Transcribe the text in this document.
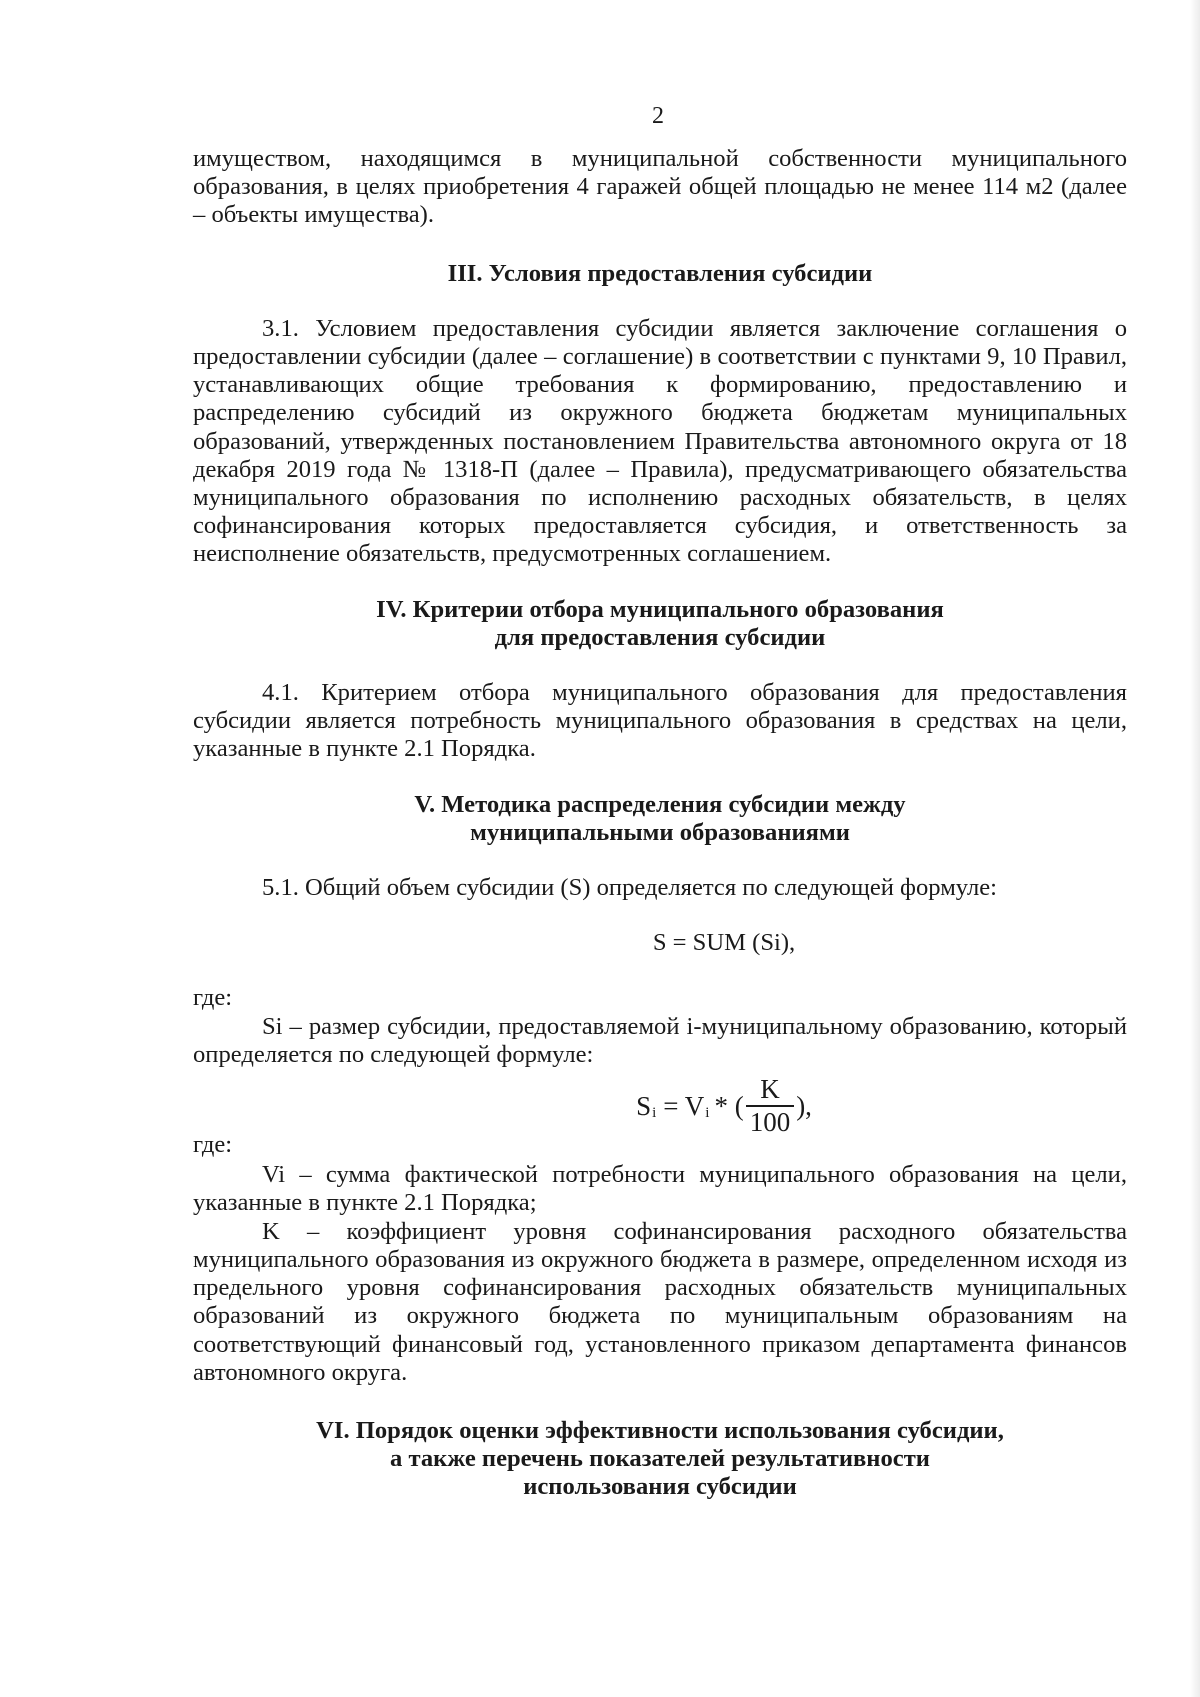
2

имуществом, находящимся в муниципальной собственности муниципального образования, в целях приобретения 4 гаражей общей площадью не менее 114 м2 (далее – объекты имущества).

III. Условия предоставления субсидии

3.1. Условием предоставления субсидии является заключение соглашения о предоставлении субсидии (далее – соглашение) в соответствии с пунктами 9, 10 Правил, устанавливающих общие требования к формированию, предоставлению и распределению субсидий из окружного бюджета бюджетам муниципальных образований, утвержденных постановлением Правительства автономного округа от 18 декабря 2019 года № 1318-П (далее – Правила), предусматривающего обязательства муниципального образования по исполнению расходных обязательств, в целях софинансирования которых предоставляется субсидия, и ответственность за неисполнение обязательств, предусмотренных соглашением.

IV. Критерии отбора муниципального образования
для предоставления субсидии

4.1. Критерием отбора муниципального образования для предоставления субсидии является потребность муниципального образования в средствах на цели, указанные в пункте 2.1 Порядка.

V. Методика распределения субсидии между
муниципальными образованиями

5.1. Общий объем субсидии (S) определяется по следующей формуле:

S = SUM (Si),

где:

Si – размер субсидии, предоставляемой i-муниципальному образованию, который определяется по следующей формуле:

S i = V i * ( $\frac{K}{100}$ ),

где:

Vi – сумма фактической потребности муниципального образования на цели, указанные в пункте 2.1 Порядка;

K – коэффициент уровня софинансирования расходного обязательства муниципального образования из окружного бюджета в размере, определенном исходя из предельного уровня софинансирования расходных обязательств муниципальных образований из окружного бюджета по муниципальным образованиям на соответствующий финансовый год, установленного приказом департамента финансов автономного округа.

VI. Порядок оценки эффективности использования субсидии,
а также перечень показателей результативности
использования субсидии
